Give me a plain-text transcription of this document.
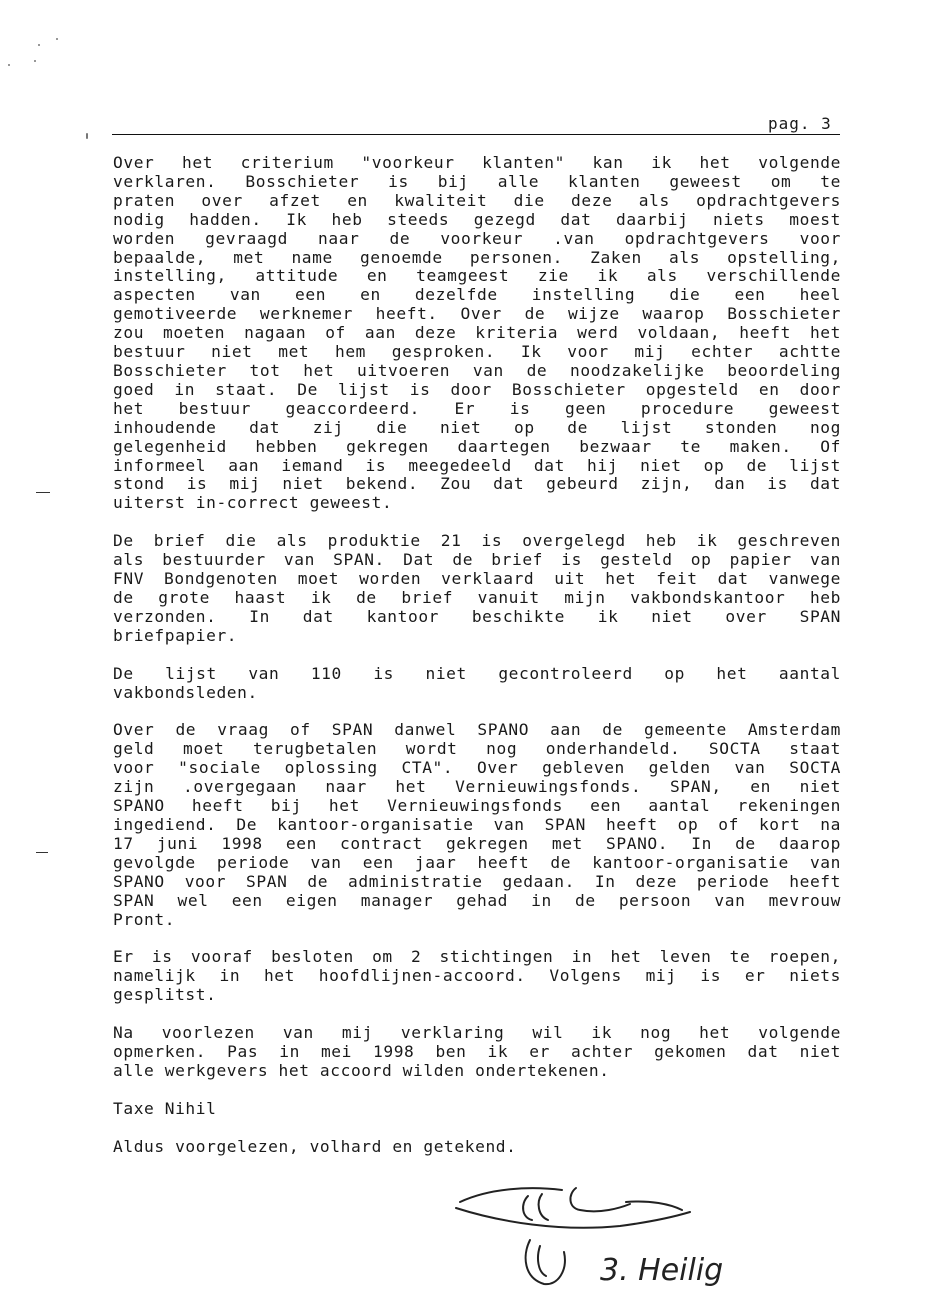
pag. 3
Over het criterium "voorkeur klanten" kan ik het volgende
verklaren. Bosschieter is bij alle klanten geweest om te
praten over afzet en kwaliteit die deze als opdrachtgevers
nodig hadden. Ik heb steeds gezegd dat daarbij niets moest
worden gevraagd naar de voorkeur .van opdrachtgevers voor
bepaalde, met name genoemde personen. Zaken als opstelling,
instelling, attitude en teamgeest zie ik als verschillende
aspecten van een en dezelfde instelling die een heel
gemotiveerde werknemer heeft. Over de wijze waarop Bosschieter
zou moeten nagaan of aan deze kriteria werd voldaan, heeft het
bestuur niet met hem gesproken. Ik voor mij echter achtte
Bosschieter tot het uitvoeren van de noodzakelijke beoordeling
goed in staat. De lijst is door Bosschieter opgesteld en door
het bestuur geaccordeerd. Er is geen procedure geweest
inhoudende dat zij die niet op de lijst stonden nog
gelegenheid hebben gekregen daartegen bezwaar te maken. Of
informeel aan iemand is meegedeeld dat hij niet op de lijst
stond is mij niet bekend. Zou dat gebeurd zijn, dan is dat
uiterst in-correct geweest.
De brief die als produktie 21 is overgelegd heb ik geschreven
als bestuurder van SPAN. Dat de brief is gesteld op papier van
FNV Bondgenoten moet worden verklaard uit het feit dat vanwege
de grote haast ik de brief vanuit mijn vakbondskantoor heb
verzonden. In dat kantoor beschikte ik niet over SPAN
briefpapier.
De lijst van 110 is niet gecontroleerd op het aantal
vakbondsleden.
Over de vraag of SPAN danwel SPANO aan de gemeente Amsterdam
geld moet terugbetalen wordt nog onderhandeld. SOCTA staat
voor "sociale oplossing CTA". Over gebleven gelden van SOCTA
zijn .overgegaan naar het Vernieuwingsfonds. SPAN, en niet
SPANO heeft bij het Vernieuwingsfonds een aantal rekeningen
ingediend. De kantoor-organisatie van SPAN heeft op of kort na
17 juni 1998 een contract gekregen met SPANO. In de daarop
gevolgde periode van een jaar heeft de kantoor-organisatie van
SPANO voor SPAN de administratie gedaan. In deze periode heeft
SPAN wel een eigen manager gehad in de persoon van mevrouw
Pront.
Er is vooraf besloten om 2 stichtingen in het leven te roepen,
namelijk in het hoofdlijnen-accoord. Volgens mij is er niets
gesplitst.
Na voorlezen van mij verklaring wil ik nog het volgende
opmerken. Pas in mei 1998 ben ik er achter gekomen dat niet
alle werkgevers het accoord wilden ondertekenen.
Taxe Nihil
Aldus voorgelezen, volhard en getekend.
3. Heilig
